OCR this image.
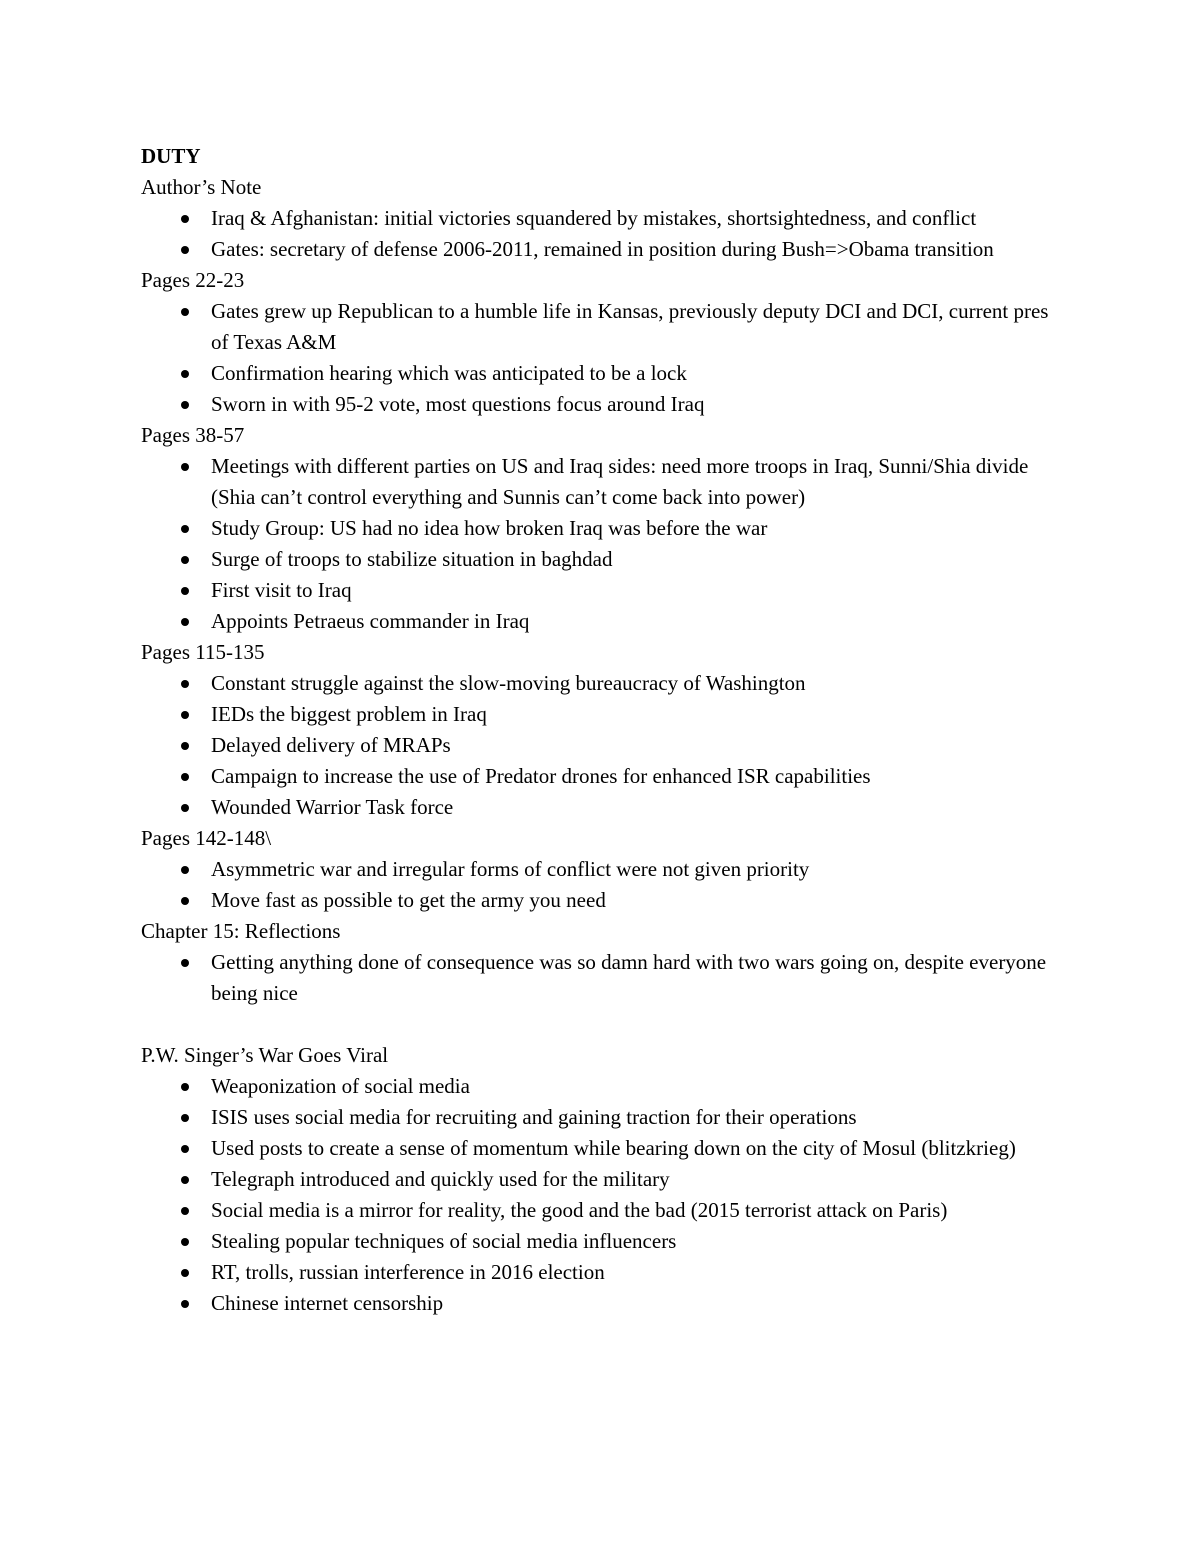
DUTY
Author’s Note
Iraq & Afghanistan: initial victories squandered by mistakes, shortsightedness, and conflict
Gates: secretary of defense 2006-2011, remained in position during Bush=>Obama transition
Pages 22-23
Gates grew up Republican to a humble life in Kansas, previously deputy DCI and DCI, current pres of Texas A&M
Confirmation hearing which was anticipated to be a lock
Sworn in with 95-2 vote, most questions focus around Iraq
Pages 38-57
Meetings with different parties on US and Iraq sides: need more troops in Iraq, Sunni/Shia divide (Shia can’t control everything and Sunnis can’t come back into power)
Study Group: US had no idea how broken Iraq was before the war
Surge of troops to stabilize situation in baghdad
First visit to Iraq
Appoints Petraeus commander in Iraq
Pages 115-135
Constant struggle against the slow-moving bureaucracy of Washington
IEDs the biggest problem in Iraq
Delayed delivery of MRAPs
Campaign to increase the use of Predator drones for enhanced ISR capabilities
Wounded Warrior Task force
Pages 142-148\
Asymmetric war and irregular forms of conflict were not given priority
Move fast as possible to get the army you need
Chapter 15: Reflections
Getting anything done of consequence was so damn hard with two wars going on, despite everyone being nice
P.W. Singer’s War Goes Viral
Weaponization of social media
ISIS uses social media for recruiting and gaining traction for their operations
Used posts to create a sense of momentum while bearing down on the city of Mosul (blitzkrieg)
Telegraph introduced and quickly used for the military
Social media is a mirror for reality, the good and the bad (2015 terrorist attack on Paris)
Stealing popular techniques of social media influencers
RT, trolls, russian interference in 2016 election
Chinese internet censorship
